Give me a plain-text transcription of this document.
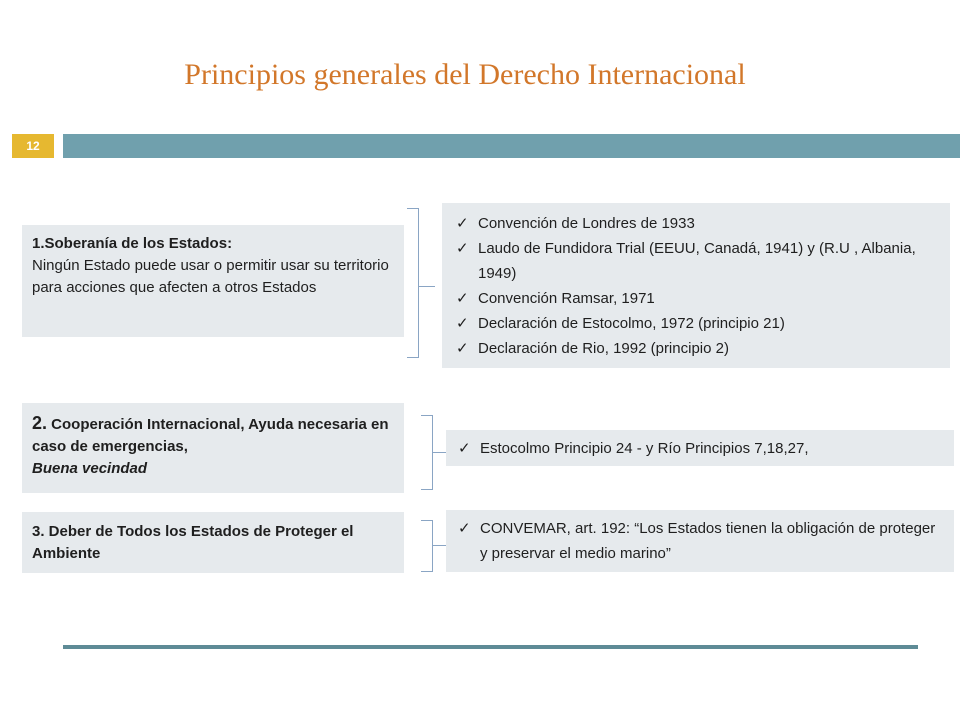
Principios generales del Derecho Internacional
12
1.Soberanía de los Estados:
Ningún Estado puede usar o permitir usar su territorio para acciones que afecten a otros Estados
✓ Convención de Londres de 1933
✓ Laudo de Fundidora Trial (EEUU, Canadá, 1941) y (R.U , Albania, 1949)
✓ Convención Ramsar, 1971
✓ Declaración de Estocolmo, 1972 (principio 21)
✓ Declaración de Rio, 1992 (principio 2)
2. Cooperación Internacional, Ayuda necesaria en caso de emergencias,
Buena vecindad
✓ Estocolmo Principio 24 - y Río Principios 7,18,27,
3. Deber de Todos los Estados de Proteger el Ambiente
✓ CONVEMAR, art. 192: “Los Estados tienen la obligación de proteger y preservar el medio marino”
